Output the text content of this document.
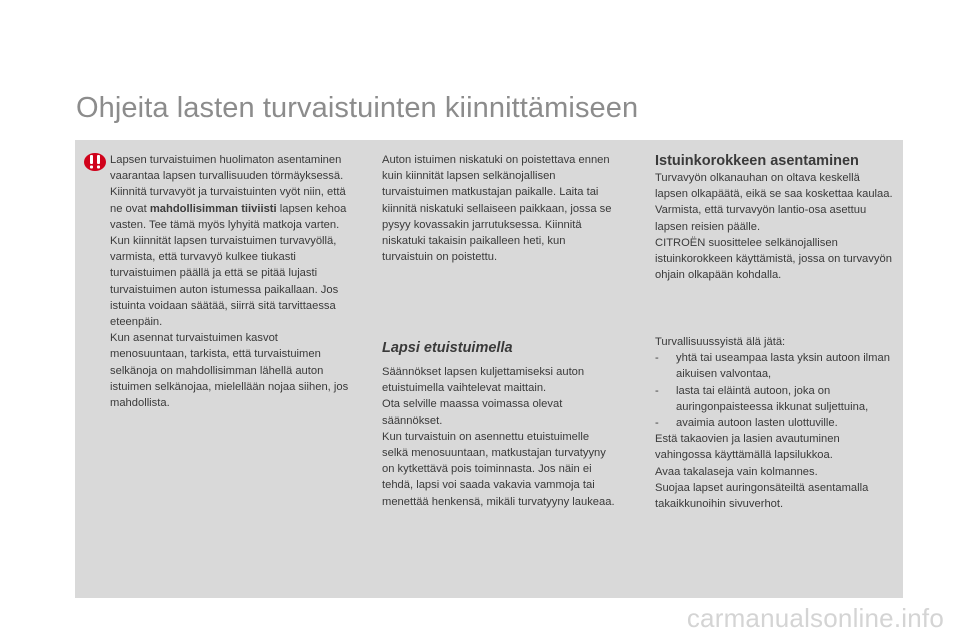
Ohjeita lasten turvaistuinten kiinnittämiseen

Lapsen turvaistuimen huolimaton asentaminen vaarantaa lapsen turvallisuuden törmäyksessä.

Kiinnitä turvavyöt ja turvaistuinten vyöt niin, että ne ovat mahdollisimman tiiviisti lapsen kehoa vasten. Tee tämä myös lyhyitä matkoja varten.

Kun kiinnität lapsen turvaistuimen turvavyöllä, varmista, että turvavyö kulkee tiukasti turvaistuimen päällä ja että se pitää lujasti turvaistuimen auton istumessa paikallaan. Jos istuinta voidaan säätää, siirrä sitä tarvittaessa eteenpäin.

Kun asennat turvaistuimen kasvot menosuuntaan, tarkista, että turvaistuimen selkänoja on mahdollisimman lähellä auton istuimen selkänojaa, mielellään nojaa siihen, jos mahdollista.

Auton istuimen niskatuki on poistettava ennen kuin kiinnität lapsen selkänojallisen turvaistuimen matkustajan paikalle. Laita tai kiinnitä niskatuki sellaiseen paikkaan, jossa se pysyy kovassakin jarrutuksessa. Kiinnitä niskatuki takaisin paikalleen heti, kun turvaistuin on poistettu.

Lapsi etuistuimella

Säännökset lapsen kuljettamiseksi auton etuistuimella vaihtelevat maittain.

Ota selville maassa voimassa olevat säännökset.

Kun turvaistuin on asennettu etuistuimelle selkä menosuuntaan, matkustajan turvatyyny on kytkettävä pois toiminnasta. Jos näin ei tehdä, lapsi voi saada vakavia vammoja tai menettää henkensä, mikäli turvatyyny laukeaa.

Istuinkorokkeen asentaminen

Turvavyön olkanauhan on oltava keskellä lapsen olkapäätä, eikä se saa koskettaa kaulaa.

Varmista, että turvavyön lantio-osa asettuu lapsen reisien päälle.

CITROËN suosittelee selkänojallisen istuinkorokkeen käyttämistä, jossa on turvavyön ohjain olkapään kohdalla.

Turvallisuussyistä älä jätä:

- yhtä tai useampaa lasta yksin autoon ilman aikuisen valvontaa,

- lasta tai eläintä autoon, joka on auringonpaisteessa ikkunat suljettuina,

- avaimia autoon lasten ulottuville.

Estä takaovien ja lasien avautuminen vahingossa käyttämällä lapsilukkoa.

Avaa takalaseja vain kolmannes.

Suojaa lapset auringonsäteiltä asentamalla takaikkunoihin sivuverhot.

carmanualsonline.info
